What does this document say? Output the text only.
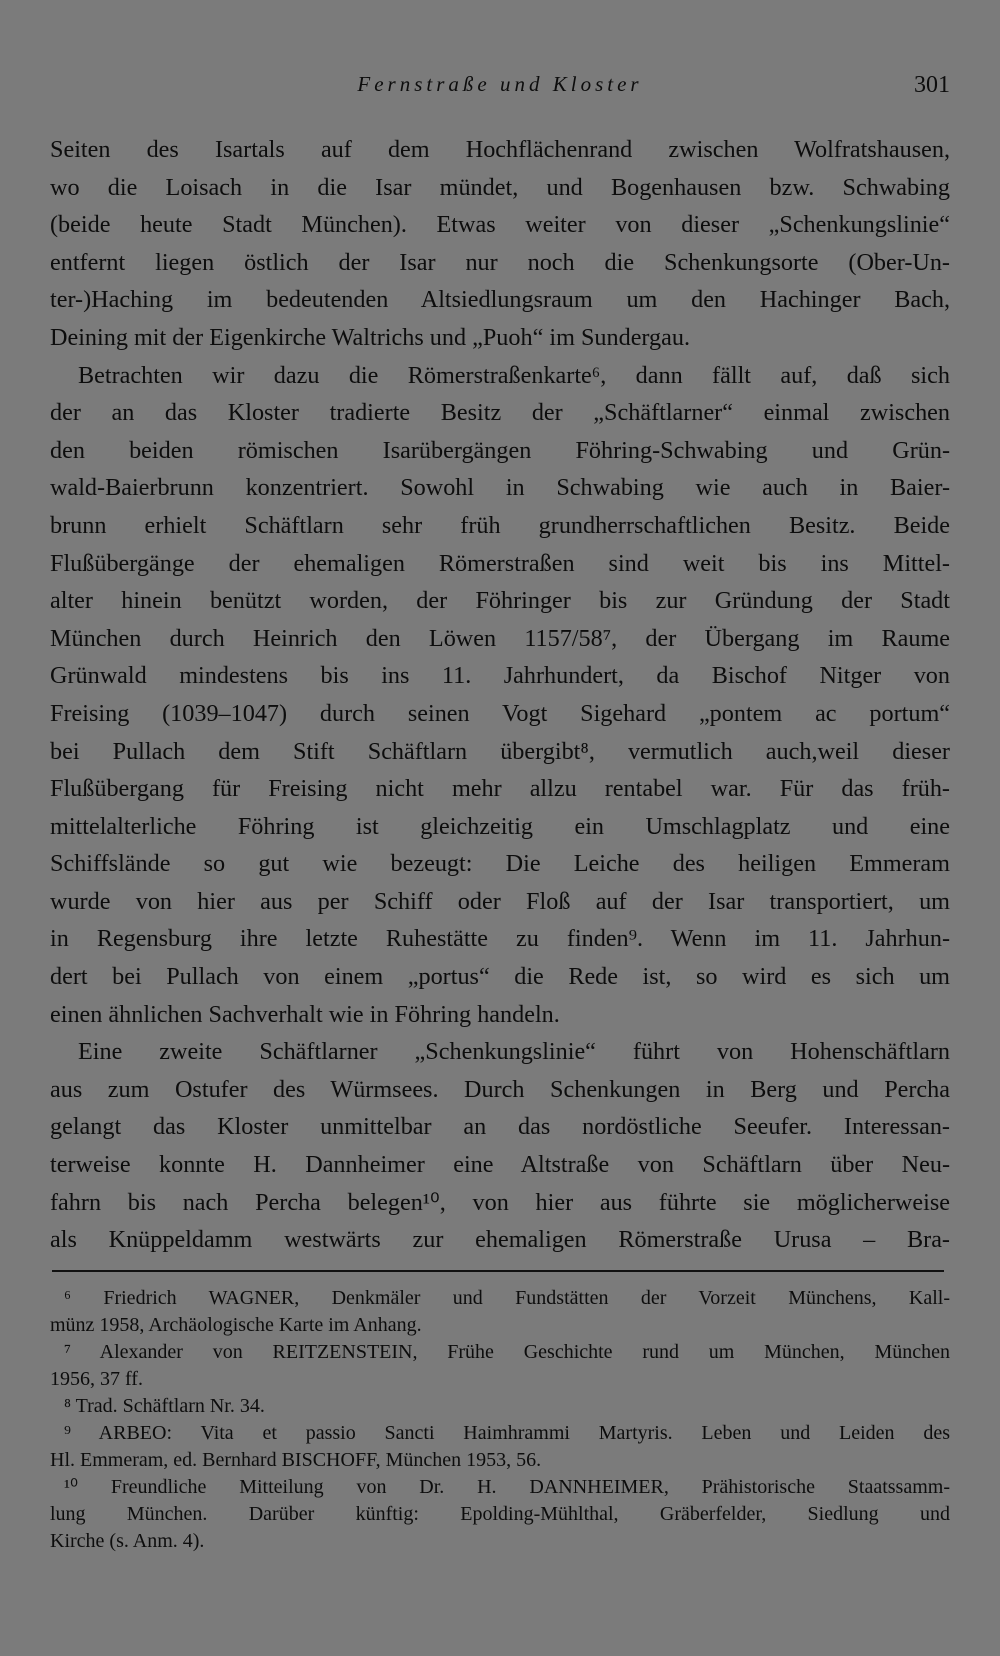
Fernstraße und Kloster	301
Seiten des Isartals auf dem Hochflächenrand zwischen Wolfratshausen,
wo die Loisach in die Isar mündet, und Bogenhausen bzw. Schwabing
(beide heute Stadt München). Etwas weiter von dieser „Schenkungslinie“
entfernt liegen östlich der Isar nur noch die Schenkungsorte (Ober-Un-
ter-)Haching im bedeutenden Altsiedlungsraum um den Hachinger Bach,
Deining mit der Eigenkirche Waltrichs und „Puoh“ im Sundergau.
Betrachten wir dazu die Römerstraßenkarte⁶, dann fällt auf, daß sich
der an das Kloster tradierte Besitz der „Schäftlarner“ einmal zwischen
den beiden römischen Isarübergängen Föhring-Schwabing und Grün-
wald-Baierbrunn konzentriert. Sowohl in Schwabing wie auch in Baier-
brunn erhielt Schäftlarn sehr früh grundherrschaftlichen Besitz. Beide
Flußübergänge der ehemaligen Römerstraßen sind weit bis ins Mittel-
alter hinein benützt worden, der Föhringer bis zur Gründung der Stadt
München durch Heinrich den Löwen 1157/58⁷, der Übergang im Raume
Grünwald mindestens bis ins 11. Jahrhundert, da Bischof Nitger von
Freising (1039–1047) durch seinen Vogt Sigehard „pontem ac portum“
bei Pullach dem Stift Schäftlarn übergibt⁸, vermutlich auch,weil dieser
Flußübergang für Freising nicht mehr allzu rentabel war. Für das früh-
mittelalterliche Föhring ist gleichzeitig ein Umschlagplatz und eine
Schiffslände so gut wie bezeugt: Die Leiche des heiligen Emmeram
wurde von hier aus per Schiff oder Floß auf der Isar transportiert, um
in Regensburg ihre letzte Ruhestätte zu finden⁹. Wenn im 11. Jahrhun-
dert bei Pullach von einem „portus“ die Rede ist, so wird es sich um
einen ähnlichen Sachverhalt wie in Föhring handeln.
Eine zweite Schäftlarner „Schenkungslinie“ führt von Hohenschäftlarn
aus zum Ostufer des Würmsees. Durch Schenkungen in Berg und Percha
gelangt das Kloster unmittelbar an das nordöstliche Seeufer. Interessan-
terweise konnte H. Dannheimer eine Altstraße von Schäftlarn über Neu-
fahrn bis nach Percha belegen¹⁰, von hier aus führte sie möglicherweise
als Knüppeldamm westwärts zur ehemaligen Römerstraße Urusa – Bra-
⁶ Friedrich WAGNER, Denkmäler und Fundstätten der Vorzeit Münchens, Kall-
münz 1958, Archäologische Karte im Anhang.
⁷ Alexander von REITZENSTEIN, Frühe Geschichte rund um München, München
1956, 37 ff.
⁸ Trad. Schäftlarn Nr. 34.
⁹ ARBEO: Vita et passio Sancti Haimhrammi Martyris. Leben und Leiden des
Hl. Emmeram, ed. Bernhard BISCHOFF, München 1953, 56.
¹⁰ Freundliche Mitteilung von Dr. H. DANNHEIMER, Prähistorische Staatssamm-
lung München. Darüber künftig: Epolding-Mühlthal, Gräberfelder, Siedlung und
Kirche (s. Anm. 4).
